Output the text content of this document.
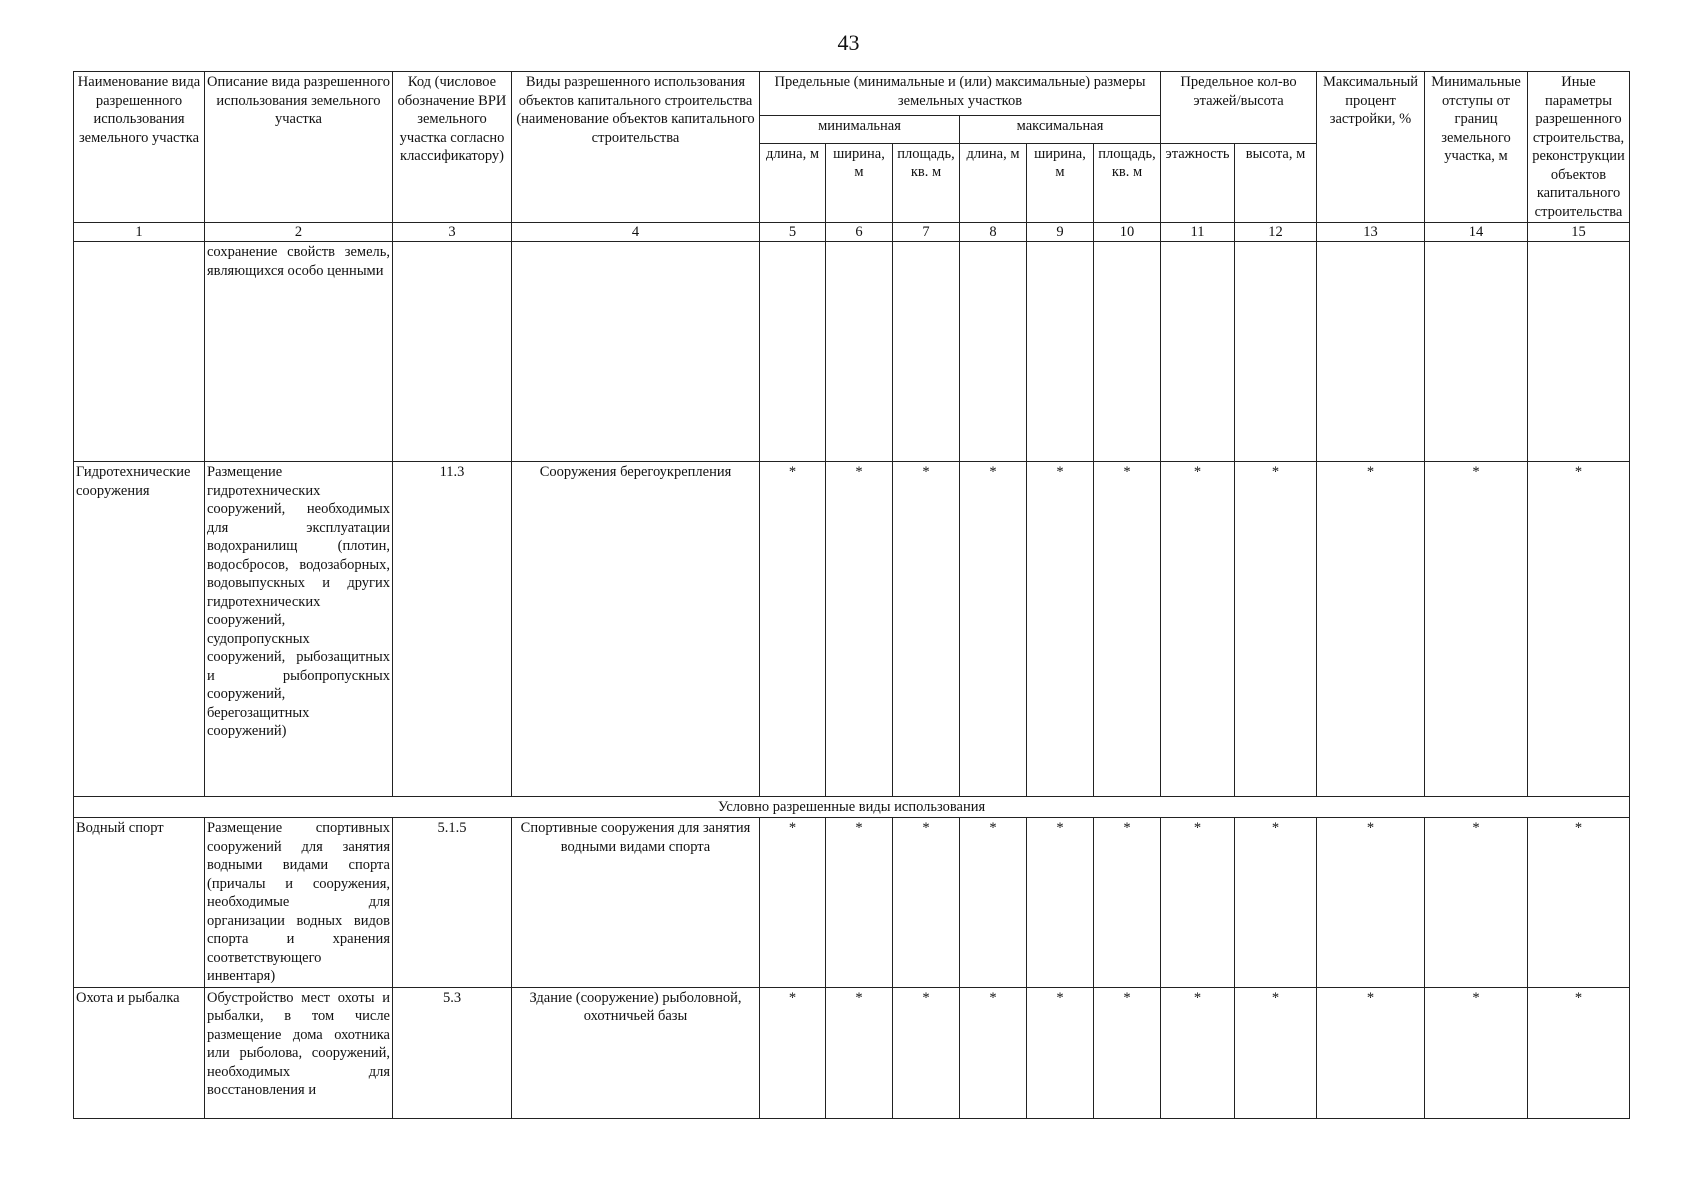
43
Наименование вида разрешенного использования земельного участка	Описание вида разрешенного использования земельного участка	Код (числовое обозначение ВРИ земельного участка согласно классификатору)	Виды разрешенного использования объектов капитального строительства (наименование объектов капитального строительства	Предельные (минимальные и (или) максимальные) размеры земельных участков						Предельное кол-во этажей/высота		Максимальный процент застройки, %	Минимальные отступы от границ земельного участка, м	Иные параметры разрешенного строительства, реконструкции объектов капитального строительства
				минимальная			максимальная							
				длина, м	ширина, м	площадь, кв. м	длина, м	ширина, м	площадь, кв. м	этажность	высота, м			
1	2	3	4	5	6	7	8	9	10	11	12	13	14	15
	сохранение свойств земель, являющихся особо ценными													
Гидротехнические сооружения	Размещение гидротехнических сооружений, необходимых для эксплуатации водохранилищ (плотин, водосбросов, водозаборных, водовыпускных и других гидротехнических сооружений, судопропускных сооружений, рыбозащитных и рыбопропускных сооружений, берегозащитных сооружений)	11.3	Сооружения берегоукрепления	*	*	*	*	*	*	*	*	*	*	*
Условно разрешенные виды использования														
Водный спорт	Размещение спортивных сооружений для занятия водными видами спорта (причалы и сооружения, необходимые для организации водных видов спорта и хранения соответствующего инвентаря)	5.1.5	Спортивные сооружения для занятия водными видами спорта	*	*	*	*	*	*	*	*	*	*	*
Охота и рыбалка	Обустройство мест охоты и рыбалки, в том числе размещение дома охотника или рыболова, сооружений, необходимых для восстановления и	5.3	Здание (сооружение) рыболовной, охотничьей базы	*	*	*	*	*	*	*	*	*	*	*
